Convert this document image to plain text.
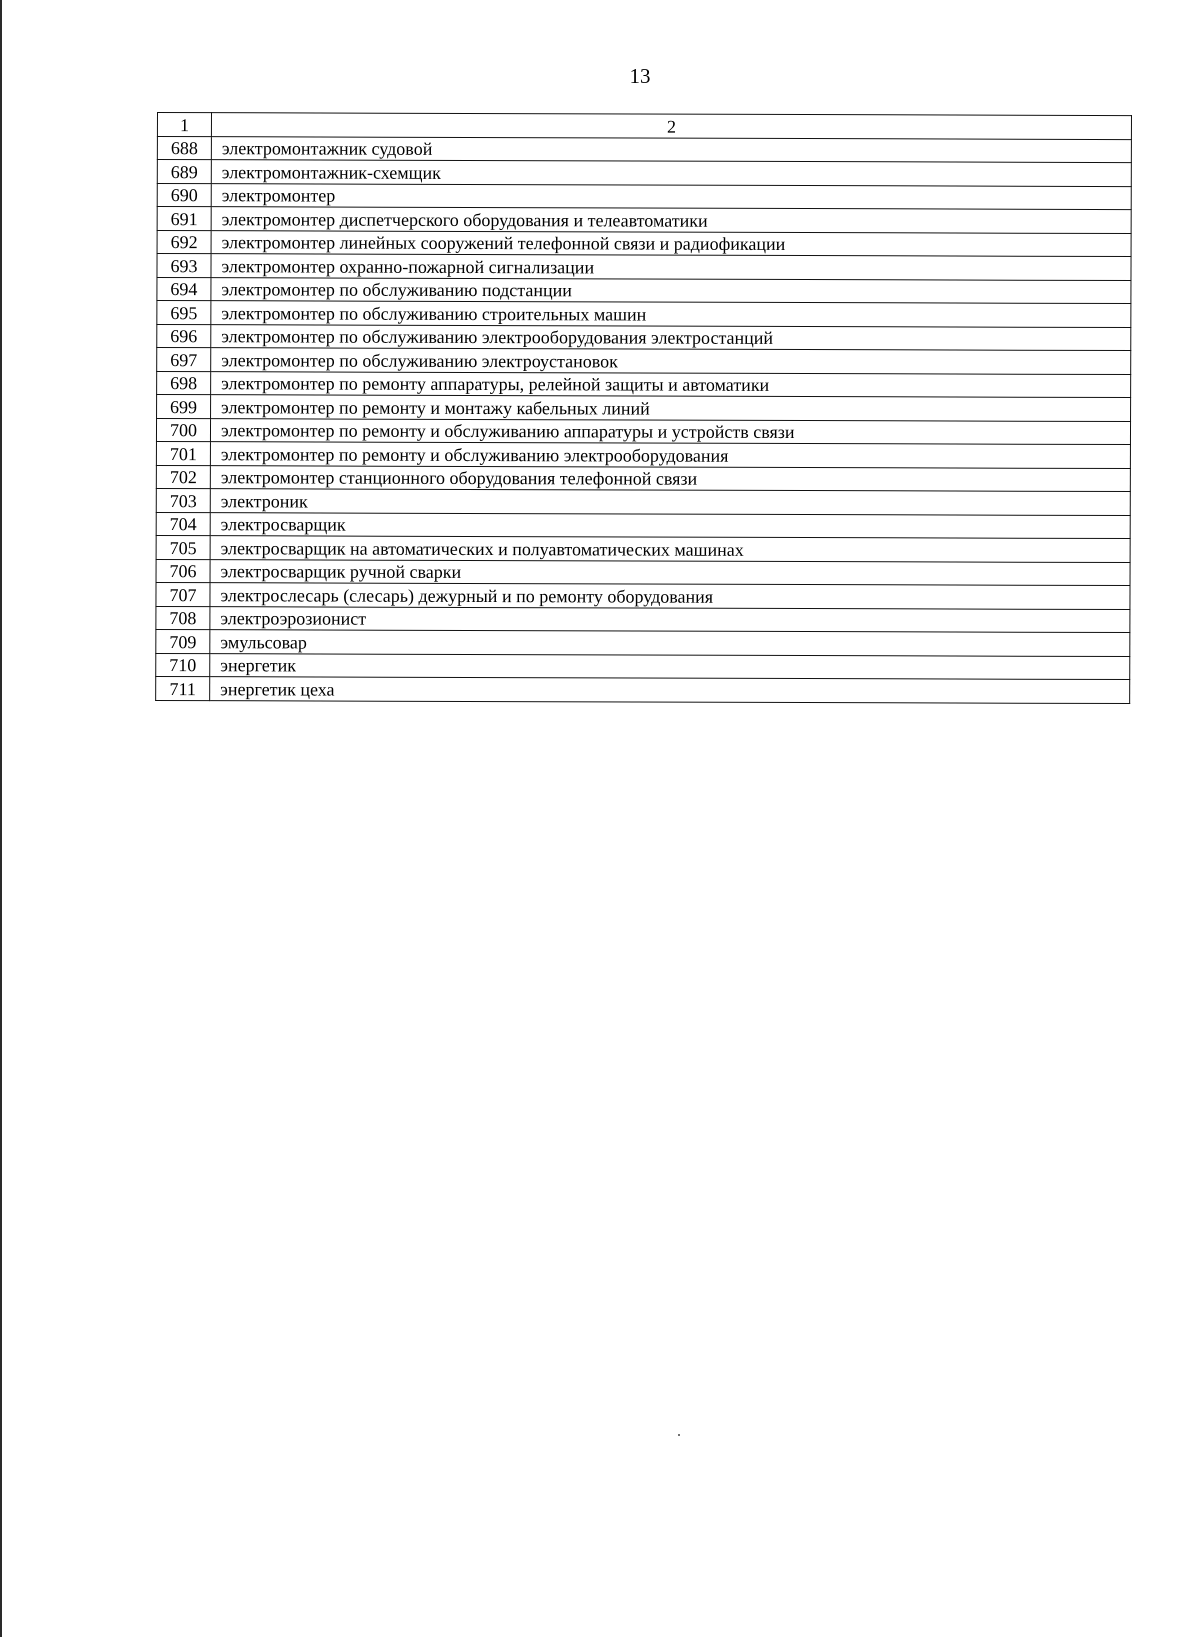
13
1	2
688	электромонтажник судовой
689	электромонтажник-схемщик
690	электромонтер
691	электромонтер диспетчерского оборудования и телеавтоматики
692	электромонтер линейных сооружений телефонной связи и радиофикации
693	электромонтер охранно-пожарной сигнализации
694	электромонтер по обслуживанию подстанции
695	электромонтер по обслуживанию строительных машин
696	электромонтер по обслуживанию электрооборудования электростанций
697	электромонтер по обслуживанию электроустановок
698	электромонтер по ремонту аппаратуры, релейной защиты и автоматики
699	электромонтер по ремонту и монтажу кабельных линий
700	электромонтер по ремонту и обслуживанию аппаратуры и устройств связи
701	электромонтер по ремонту и обслуживанию электрооборудования
702	электромонтер станционного оборудования телефонной связи
703	электроник
704	электросварщик
705	электросварщик на автоматических и полуавтоматических машинах
706	электросварщик ручной сварки
707	электрослесарь (слесарь) дежурный и по ремонту оборудования
708	электроэрозионист
709	эмульсовар
710	энергетик
711	энергетик цеха
